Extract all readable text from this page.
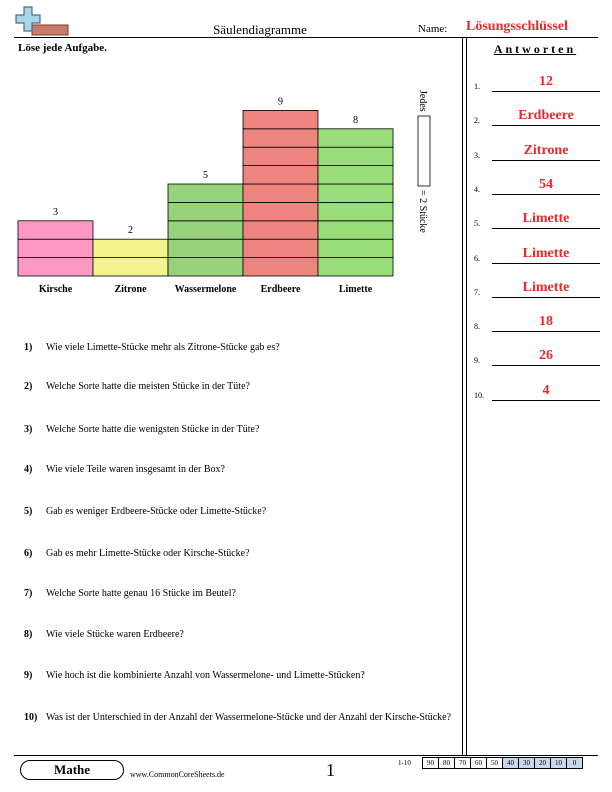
Säulendiagramme	Name: Lösungsschlüssel
Löse jede Aufgabe.
3
Kirsche
2
Zitrone
5
Wassermelone
9
Erdbeere
8
Limette
Jedes
= 2 Stücke
Antworten
1.	12
2.	Erdbeere
3.	Zitrone
4.	54
5.	Limette
6.	Limette
7.	Limette
8.	18
9.	26
10.	4
1) Wie viele Limette-Stücke mehr als Zitrone-Stücke gab es?
2) Welche Sorte hatte die meisten Stücke in der Tüte?
3) Welche Sorte hatte die wenigsten Stücke in der Tüte?
4) Wie viele Teile waren insgesamt in der Box?
5) Gab es weniger Erdbeere-Stücke oder Limette-Stücke?
6) Gab es mehr Limette-Stücke oder Kirsche-Stücke?
7) Welche Sorte hatte genau 16 Stücke im Beutel?
8) Wie viele Stücke waren Erdbeere?
9) Wie hoch ist die kombinierte Anzahl von Wassermelone- und Limette-Stücken?
10) Was ist der Unterschied in der Anzahl der Wassermelone-Stücke und der Anzahl der Kirsche-Stücke?
Mathe	www.CommonCoreSheets.de	1	1-10	90	80	70	60	50	40	30	20	10	0
